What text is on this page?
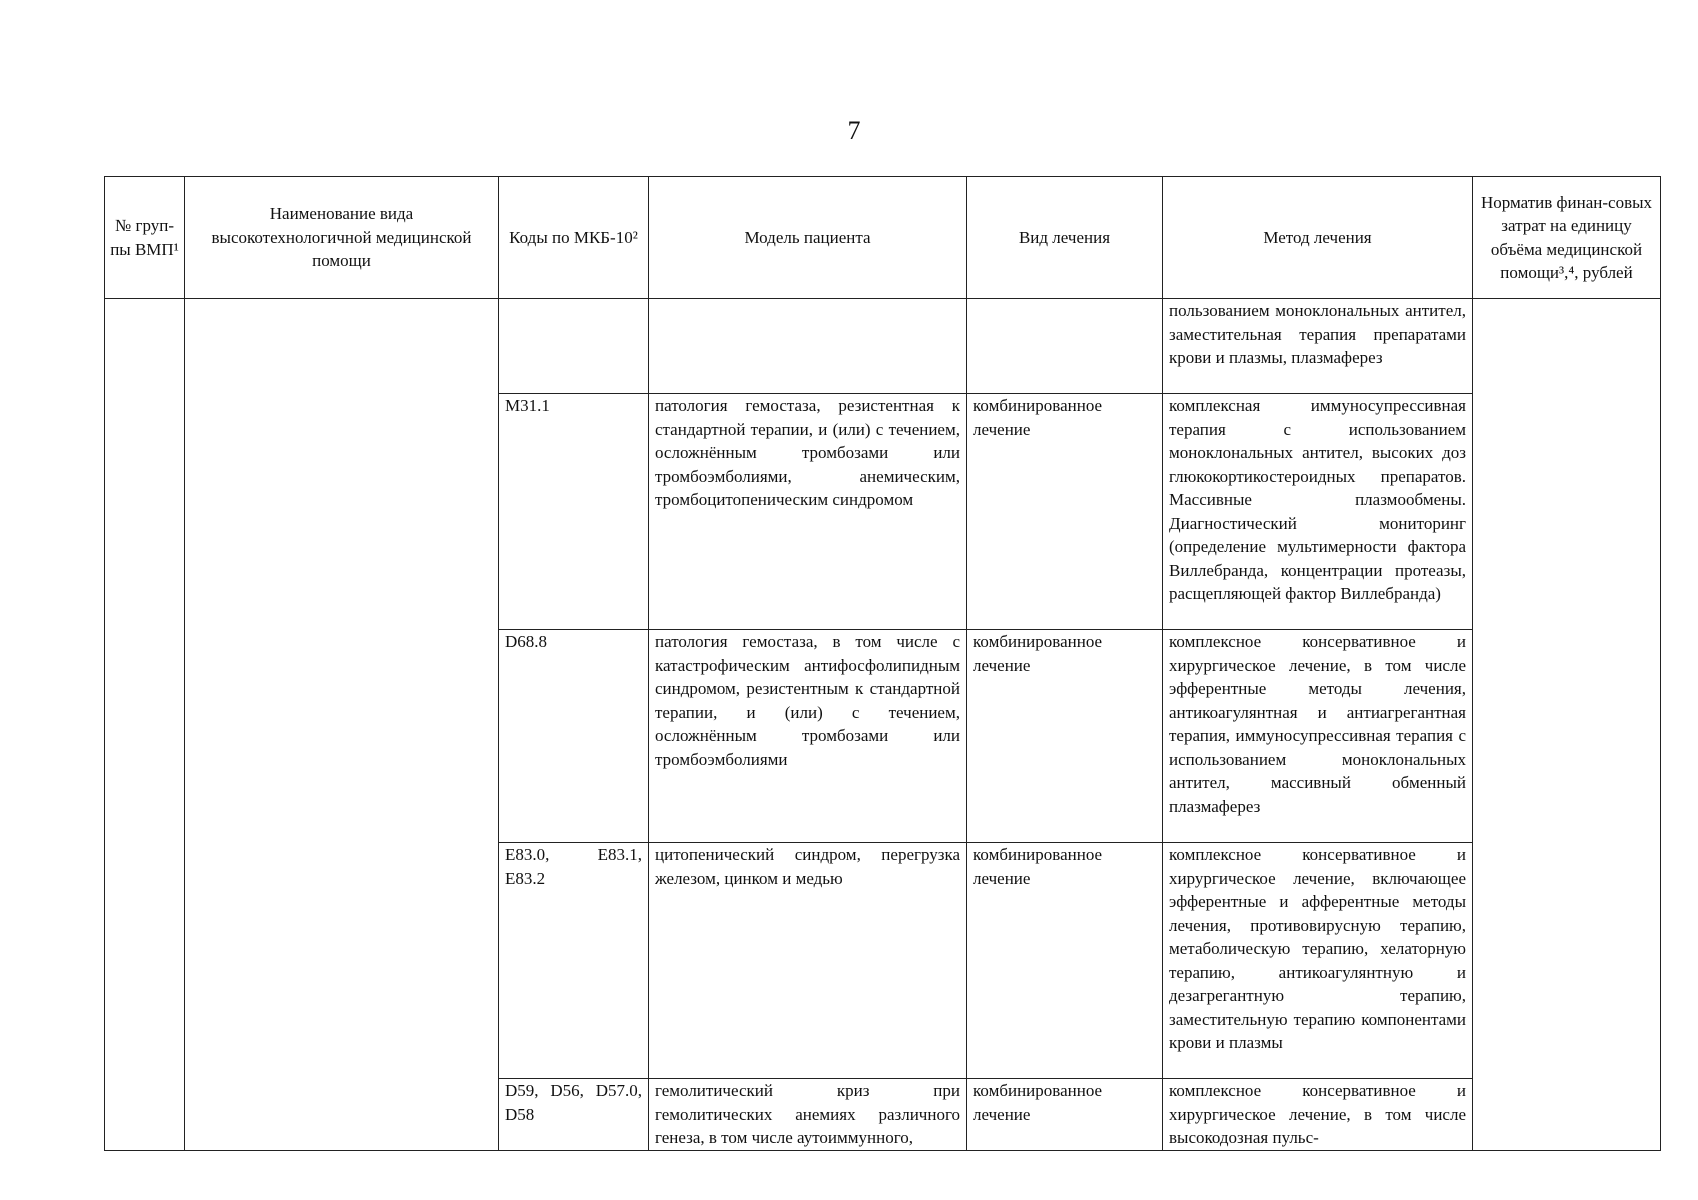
7
№ груп-пы ВМП¹	Наименование вида высокотехнологичной медицинской помощи	Коды по МКБ-10²	Модель пациента	Вид лечения	Метод лечения	Норматив финан-совых затрат на единицу объёма медицинской помощи³,⁴, рублей
					пользованием моноклональных антител, заместительная терапия препаратами крови и плазмы, плазмаферез	
		M31.1	патология гемостаза, резистентная к стандартной терапии, и (или) с течением, осложнённым тромбозами или тромбоэмболиями, анемическим, тромбоцитопеническим синдромом	комбинированное лечение	комплексная иммуносупрессивная терапия с использованием моноклональных антител, высоких доз глюкокортикостероидных препаратов. Массивные плазмообмены. Диагностический мониторинг (определение мультимерности фактора Виллебранда, концентрации протеазы, расщепляющей фактор Виллебранда)	
		D68.8	патология гемостаза, в том числе с катастрофическим антифосфолипидным синдромом, резистентным к стандартной терапии, и (или) с течением, осложнённым тромбозами или тромбоэмболиями	комбинированное лечение	комплексное консервативное и хирургическое лечение, в том числе эфферентные методы лечения, антикоагулянтная и антиагрегантная терапия, иммуносупрессивная терапия с использованием моноклональных антител, массивный обменный плазмаферез	
		E83.0, E83.1, E83.2	цитопенический синдром, перегрузка железом, цинком и медью	комбинированное лечение	комплексное консервативное и хирургическое лечение, включающее эфферентные и афферентные методы лечения, противовирусную терапию, метаболическую терапию, хелаторную терапию, антикоагулянтную и дезагрегантную терапию, заместительную терапию компонентами крови и плазмы	
		D59, D56, D57.0, D58	гемолитический криз при гемолитических анемиях различного генеза, в том числе аутоиммунного,	комбинированное лечение	комплексное консервативное и хирургическое лечение, в том числе высокодозная пульс-	
